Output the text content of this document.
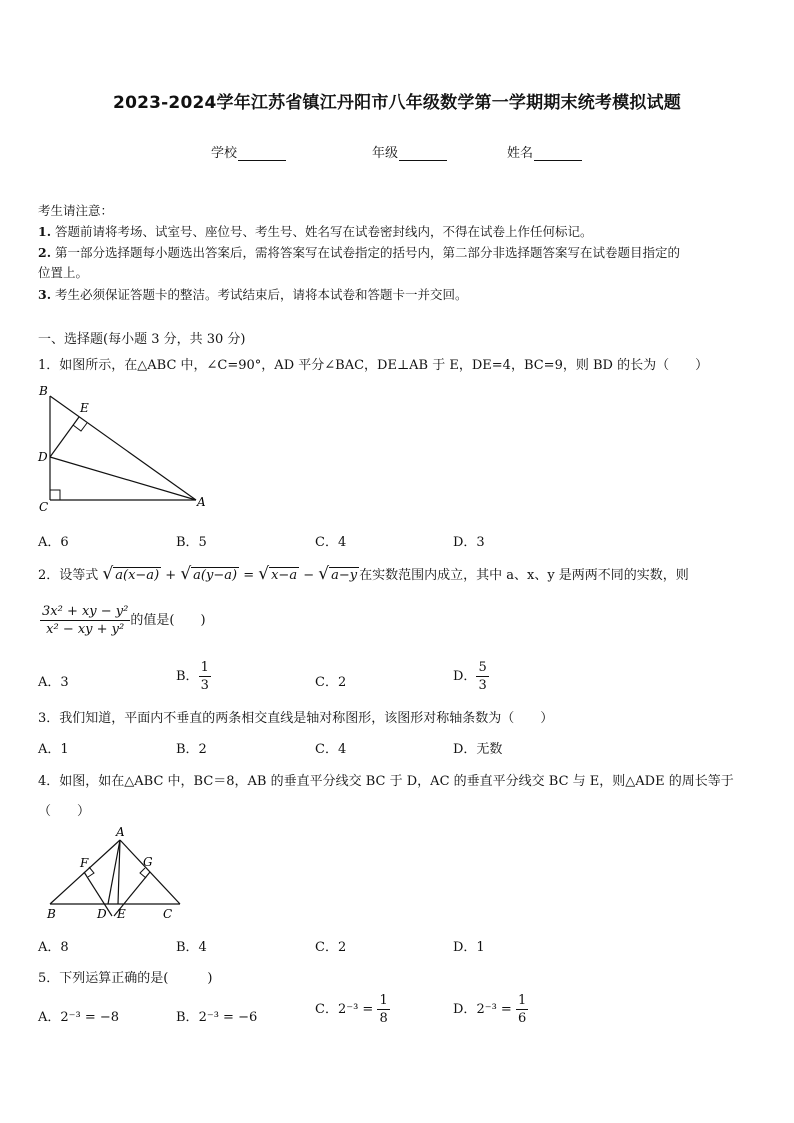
2023-2024学年江苏省镇江丹阳市八年级数学第一学期期末统考模拟试题
学校	年级	姓名
考生请注意：
1. 答题前请将考场、试室号、座位号、考生号、姓名写在试卷密封线内，不得在试卷上作任何标记。
2. 第一部分选择题每小题选出答案后，需将答案写在试卷指定的括号内，第二部分非选择题答案写在试卷题目指定的
位置上。
3. 考生必须保证答题卡的整洁。考试结束后，请将本试卷和答题卡一并交回。
一、选择题(每小题 3 分，共 30 分)
1．如图所示，在△ABC 中，∠C=90°，AD 平分∠BAC，DE⊥AB 于 E，DE=4，BC=9，则 BD 的长为（　　）
B
E
D
C	A
A．6	B．5	C．4	D．3
2．设等式 √ a(x−a) + √ a(y−a) = √ x−a − √ a−y 在实数范围内成立，其中 a、x、y 是两两不同的实数，则
$\frac{\text{3x² + xy − y²}}{\text{x² − xy + y²}}$ 的值是(　　)
A．3	B． $\frac{1}{3}$	C．2	D． $\frac{5}{3}$
3．我们知道，平面内不垂直的两条相交直线是轴对称图形，该图形对称轴条数为（　　）
A．1	B．2	C．4	D．无数
4．如图，如在△ABC 中，BC＝8，AB 的垂直平分线交 BC 于 D，AC 的垂直平分线交 BC 与 E，则△ADE 的周长等于
（　　）
A
F	G
B	D E	C
A．8	B．4	C．2	D．1
5．下列运算正确的是(　　　)
A．2⁻³ = −8	B．2⁻³ = −6
C．$2^{-3} = \frac{1}{8}$	D．$2^{-3} = \frac{1}{6}$
